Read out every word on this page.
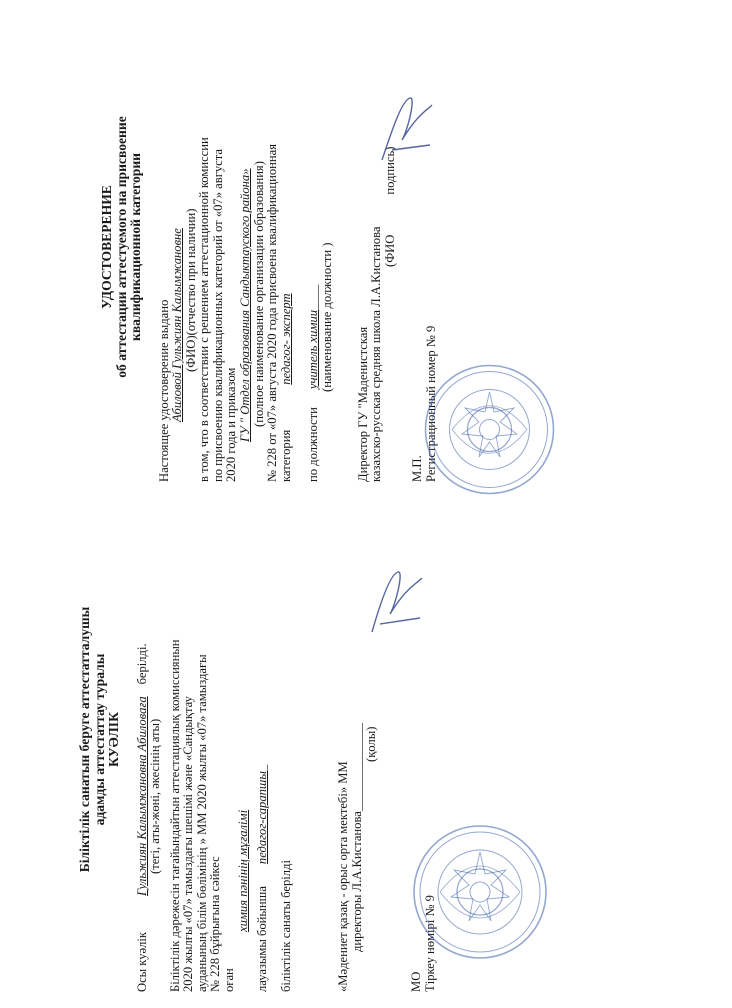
УДОСТОВЕРЕНИЕ об аттестации аттестуемого на присвоение квалификационной категории
Настоящее удостоверение выдано Абиловой Гульжиян Калымжановне (ФИО)(отчество при наличии) в том, что в соответствии с решением аттестационной комиссии по присвоению квалификационных категорий от «07» августа 2020 года и приказом ГУ " Отдел образования Сандыктауского района» (полное наименование организации образования) № 228 от «07» августа 2020 года присвоена квалификационная категорияпедагог- эксперт
по должностиучитель химии____ (наименование должности )
Директор ГУ "Маденистская казахско-русская средняя школа Л.А.Кистанова (ФИОподпись)
М.П. Регистрационный номер № 9
Біліктілік санатын беруге аттестатталушы адамды аттестаттау туралы КУӘЛІК
Осы куәлікГульжиян Калымжановна Абиловағаберілді.
(тегі, аты-жөні, әкесінің аты) Біліктілік дәрежесін тағайындайтын аттестациялық комиссиянын 2020 жылғы «07» тамыздағы шешімі және «Сандықтау ауданының білім бөлімінің » ММ 2020 жылғы «07» тамыздағы № 228 бұйрығына сәйкес оған
химия пәнінің мұғалімі
лауазымы бойыншапедагог-сарапшы_
біліктілік санаты берілді	«Мәдениет қазақ - орыс орта мектебі» ММ директоры Л.А.Кистанова______________ (қолы)
МО Тіркеу нөмірі № 9
